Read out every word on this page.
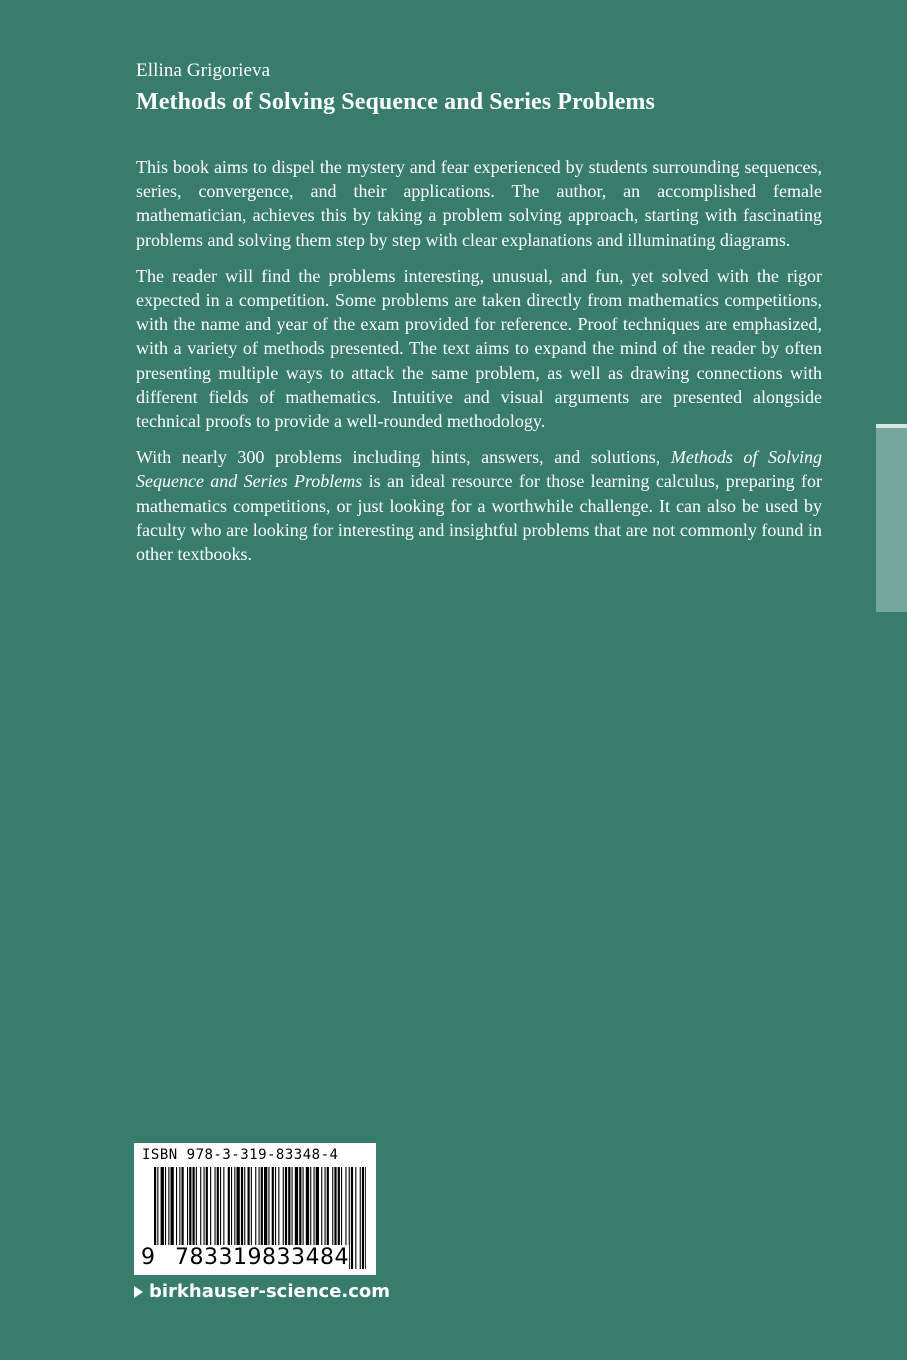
Ellina Grigorieva
Methods of Solving Sequence and Series Problems

This book aims to dispel the mystery and fear experienced by students surrounding sequences, series, convergence, and their applications. The author, an accomplished female mathematician, achieves this by taking a problem solving approach, starting with fascinating problems and solving them step by step with clear explanations and illuminating diagrams.

The reader will find the problems interesting, unusual, and fun, yet solved with the rigor expected in a competition. Some problems are taken directly from mathematics competitions, with the name and year of the exam provided for reference. Proof techniques are emphasized, with a variety of methods presented. The text aims to expand the mind of the reader by often presenting multiple ways to attack the same problem, as well as drawing connections with different fields of mathematics. Intuitive and visual arguments are presented alongside technical proofs to provide a well-rounded methodology.

With nearly 300 problems including hints, answers, and solutions, Methods of Solving Sequence and Series Problems is an ideal resource for those learning calculus, preparing for mathematics competitions, or just looking for a worthwhile challenge. It can also be used by faculty who are looking for interesting and insightful problems that are not commonly found in other textbooks.

ISBN 978-3-319-83348-4
9 783319833484
birkhauser-science.com
